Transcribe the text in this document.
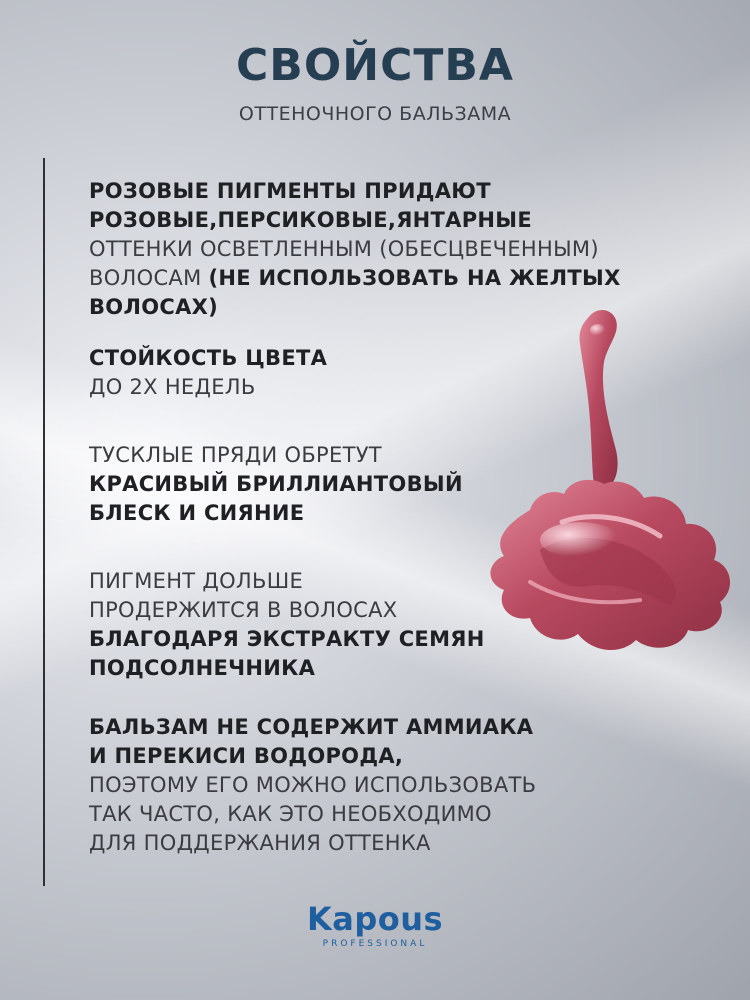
СВОЙСТВА
ОТТЕНОЧНОГО БАЛЬЗАМА
РОЗОВЫЕ ПИГМЕНТЫ ПРИДАЮТ
РОЗОВЫЕ,ПЕРСИКОВЫЕ,ЯНТАРНЫЕ
ОТТЕНКИ ОСВЕТЛЕННЫМ (ОБЕСЦВЕЧЕННЫМ)
ВОЛОСАМ (НЕ ИСПОЛЬЗОВАТЬ НА ЖЕЛТЫХ
ВОЛОСАХ)
СТОЙКОСТЬ ЦВЕТА
ДО 2Х НЕДЕЛЬ
ТУСКЛЫЕ ПРЯДИ ОБРЕТУТ
КРАСИВЫЙ БРИЛЛИАНТОВЫЙ
БЛЕСК И СИЯНИЕ
ПИГМЕНТ ДОЛЬШЕ
ПРОДЕРЖИТСЯ В ВОЛОСАХ
БЛАГОДАРЯ ЭКСТРАКТУ СЕМЯН
ПОДСОЛНЕЧНИКА
БАЛЬЗАМ НЕ СОДЕРЖИТ АММИАКА
И ПЕРЕКИСИ ВОДОРОДА,
ПОЭТОМУ ЕГО МОЖНО ИСПОЛЬЗОВАТЬ
ТАК ЧАСТО, КАК ЭТО НЕОБХОДИМО
ДЛЯ ПОДДЕРЖАНИЯ ОТТЕНКА
Kapous
PROFESSIONAL
